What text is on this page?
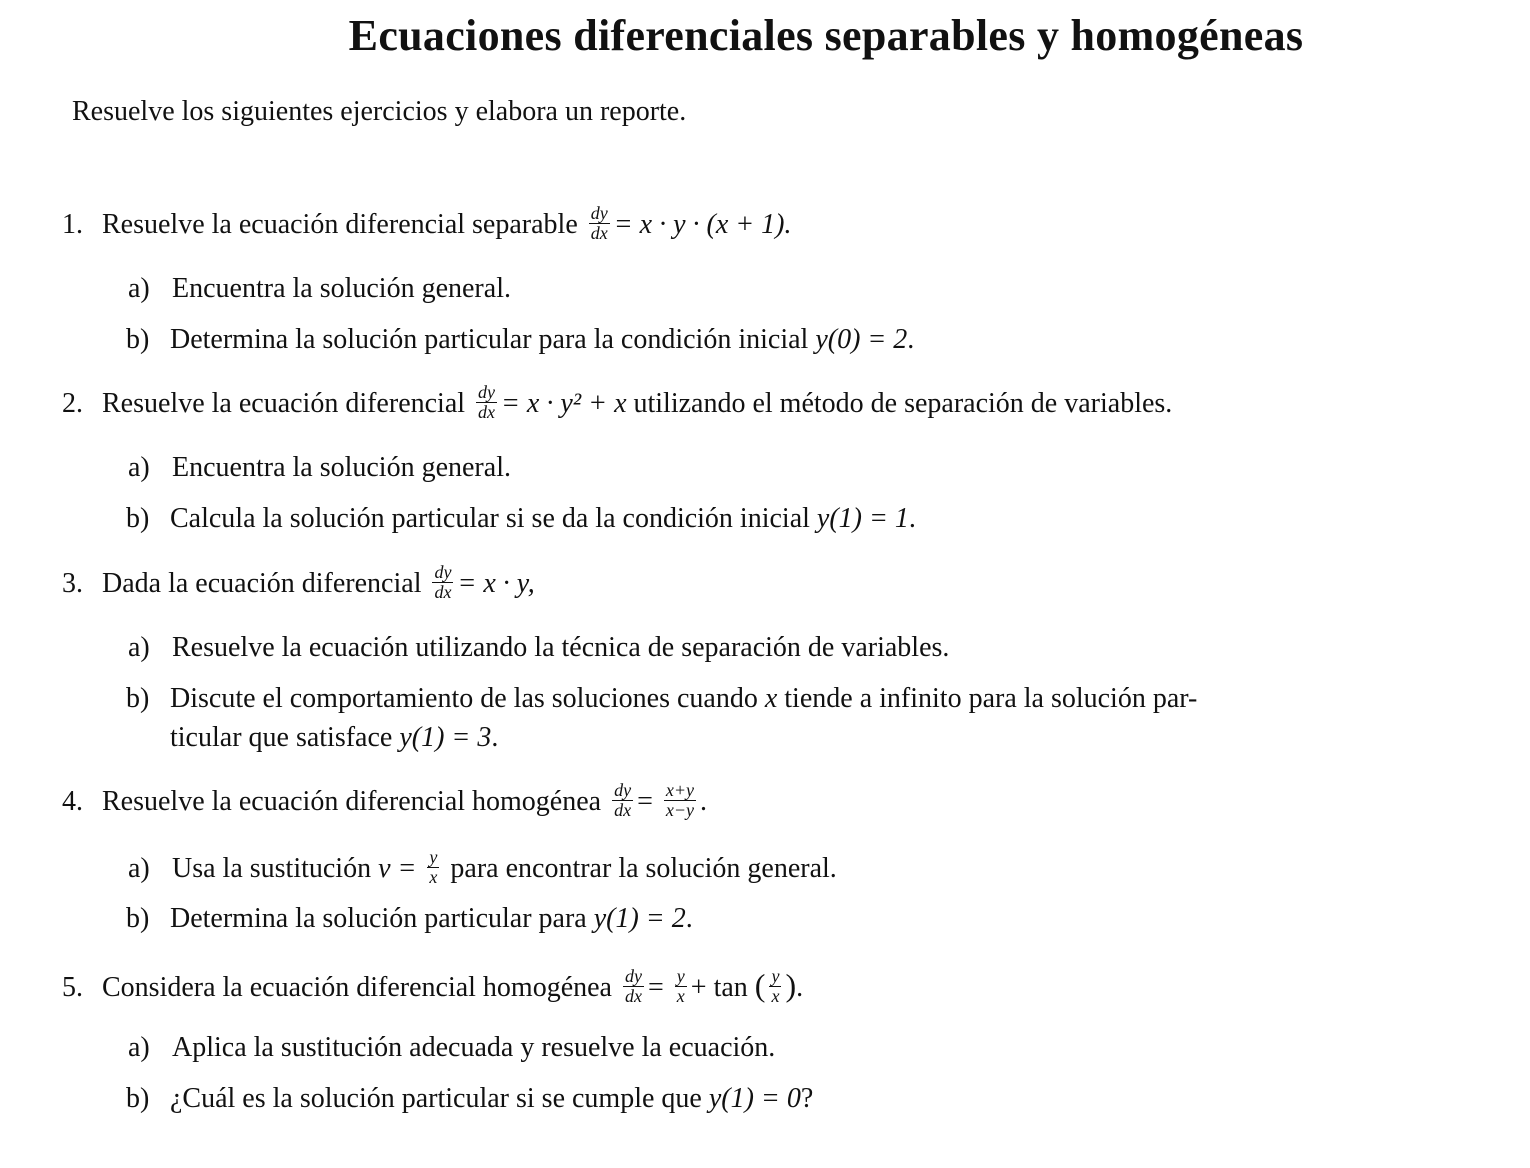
Ecuaciones diferenciales separables y homogéneas

Resuelve los siguientes ejercicios y elabora un reporte.

1. Resuelve la ecuación diferencial separable $\frac{dy}{dx} = x \cdot y \cdot (x + 1)$.
a) Encuentra la solución general.
b) Determina la solución particular para la condición inicial y(0) = 2.
2. Resuelve la ecuación diferencial $\frac{dy}{dx} = x \cdot y^2 + x$ utilizando el método de separación de variables.
a) Encuentra la solución general.
b) Calcula la solución particular si se da la condición inicial y(1) = 1.
3. Dada la ecuación diferencial $\frac{dy}{dx} = x \cdot y$,
a) Resuelve la ecuación utilizando la técnica de separación de variables.
b) Discute el comportamiento de las soluciones cuando x tiende a infinito para la solución par-
ticular que satisface y(1) = 3.
4. Resuelve la ecuación diferencial homogénea $\frac{dy}{dx} = \frac{x+y}{x-y}$ .
a) Usa la sustitución $v = \frac{y}{x}$ para encontrar la solución general.
b) Determina la solución particular para y(1) = 2.
5. Considera la ecuación diferencial homogénea $\frac{dy}{dx} = \frac{y}{x} + \tan$ ( $\frac{y}{x}$ ).
a) Aplica la sustitución adecuada y resuelve la ecuación.
b) ¿Cuál es la solución particular si se cumple que y(1) = 0?
